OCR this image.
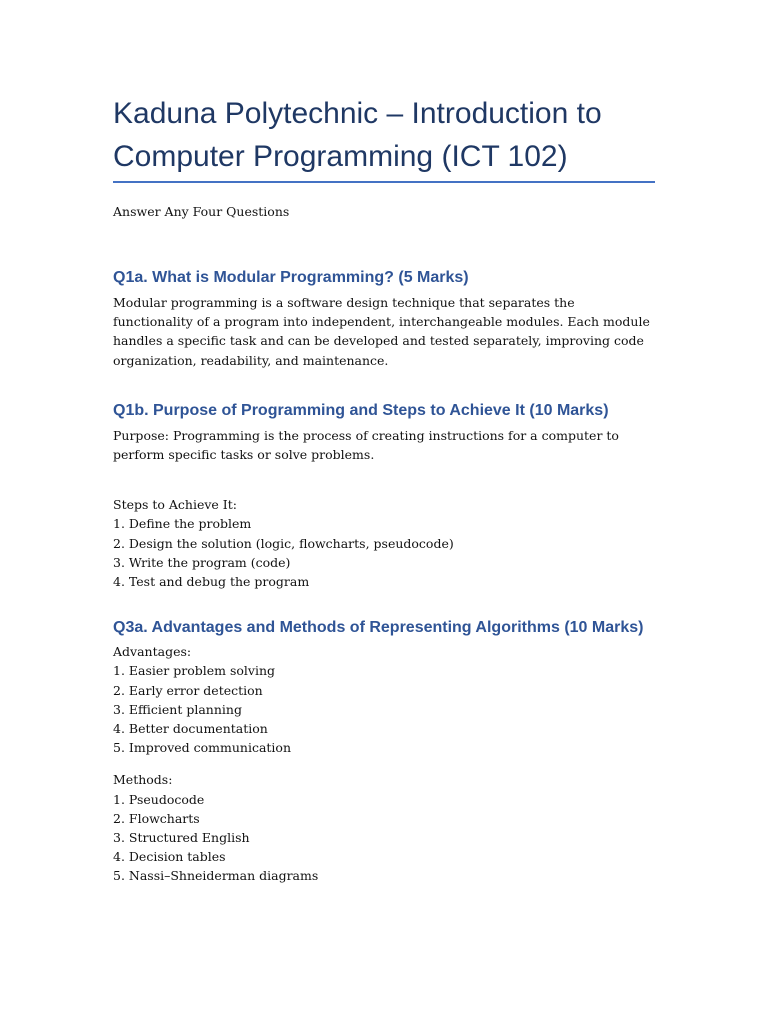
Kaduna Polytechnic – Introduction to
Computer Programming (ICT 102)
Answer Any Four Questions
Q1a. What is Modular Programming? (5 Marks)

Modular programming is a software design technique that separates the functionality of a program into independent, interchangeable modules. Each module handles a specific task and can be developed and tested separately, improving code organization, readability, and maintenance.

Q1b. Purpose of Programming and Steps to Achieve It (10 Marks)

Purpose: Programming is the process of creating instructions for a computer to perform specific tasks or solve problems.

Steps to Achieve It:

1. Define the problem
2. Design the solution (logic, flowcharts, pseudocode)
3. Write the program (code)
4. Test and debug the program
Q3a. Advantages and Methods of Representing Algorithms (10 Marks)

Advantages:

1. Easier problem solving
2. Early error detection
3. Efficient planning
4. Better documentation
5. Improved communication

Methods:

1. Pseudocode
2. Flowcharts
3. Structured English
4. Decision tables
5. Nassi–Shneiderman diagrams
